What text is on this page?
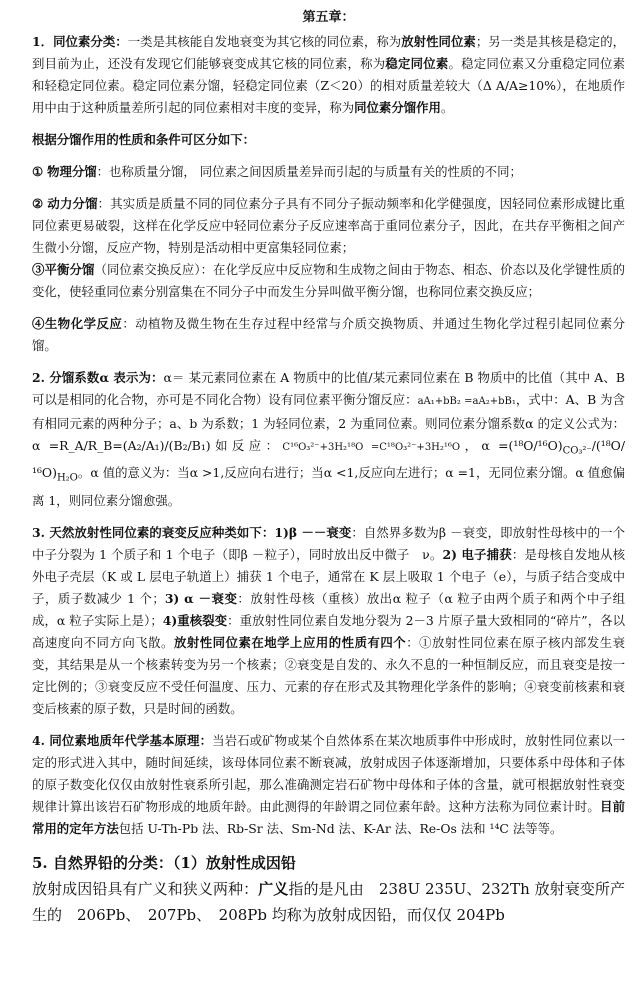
第五章：

1．同位素分类：一类是其核能自发地衰变为其它核的同位素，称为放射性同位素；另一类是其核是稳定的，到目前为止，还没有发现它们能够衰变成其它核的同位素，称为稳定同位素。稳定同位素又分重稳定同位素和轻稳定同位素。稳定同位素分馏，轻稳定同位素（Z＜20）的相对质量差较大（Δ A/A≥10%），在地质作用中由于这种质量差所引起的同位素相对丰度的变异，称为同位素分馏作用。

根据分馏作用的性质和条件可区分如下：

① 物理分馏：也称质量分馏， 同位素之间因质量差异而引起的与质量有关的性质的不同；

② 动力分馏：其实质是质量不同的同位素分子具有不同分子振动频率和化学健强度，因轻同位素形成键比重同位素更易破裂，这样在化学反应中轻同位素分子反应速率高于重同位素分子，因此，在共存平衡相之间产生微小分馏，反应产物，特别是活动相中更富集轻同位素；

③平衡分馏（同位素交换反应）：在化学反应中反应物和生成物之间由于物态、相态、价态以及化学键性质的变化，使轻重同位素分别富集在不同分子中而发生分异叫做平衡分馏，也称同位素交换反应；

④生物化学反应：动植物及微生物在生存过程中经常与介质交换物质、并通过生物化学过程引起同位素分馏。

2. 分馏系数α 表示为：α＝ 某元素同位素在 A 物质中的比值/某元素同位素在 B 物质中的比值（其中 A、B 可以是相同的化合物，亦可是不同化合物）设有同位素平衡分馏反应：aA₁+bB₂ =aA₂+bB₁，式中：A、B 为含有相同元素的两种分子；a、b 为系数；1 为轻同位素，2 为重同位素。则同位素分馏系数α 的定义公式为：α =R_A/R_B=(A₂/A₁)/(B₂/B₁)如反应：C¹⁶O₃²⁻+3H₂¹⁸O =C¹⁸O₃²⁻+3H₂¹⁶O，$\alpha =(^{18}O/^{16}O)_{CO_3^{2-}}/(^{18}O/^{16}O)_{H_2O}$。α 值的意义为：当α >1,反应向右进行；当α <1,反应向左进行；α =1，无同位素分馏。α 值愈偏离 1，则同位素分馏愈强。

3. 天然放射性同位素的衰变反应种类如下：1)β －－衰变：自然界多数为β －衰变，即放射性母核中的一个中子分裂为 1 个质子和 1 个电子（即β －粒子），同时放出反中微子　ν。2) 电子捕获：是母核自发地从核外电子壳层（K 或 L 层电子轨道上）捕获 1 个电子，通常在 K 层上吸取 1 个电子（e），与质子结合变成中子，质子数减少 1 个；3) α －衰变：放射性母核（重核）放出α 粒子（α 粒子由两个质子和两个中子组成，α 粒子实际上是）；4)重核裂变：重放射性同位素自发地分裂为 2－3 片原子量大致相同的“碎片”，各以高速度向不同方向飞散。放射性同位素在地学上应用的性质有四个：①放射性同位素在原子核内部发生衰变，其结果是从一个核素转变为另一个核素；②衰变是自发的、永久不息的一种恒制反应，而且衰变是按一定比例的；③衰变反应不受任何温度、压力、元素的存在形式及其物理化学条件的影响；④衰变前核素和衰变后核素的原子数，只是时间的函数。

4. 同位素地质年代学基本原理：当岩石或矿物或某个自然体系在某次地质事件中形成时，放射性同位素以一定的形式进入其中，随时间延续，该母体同位素不断衰减，放射成因子体逐渐增加，只要体系中母体和子体的原子数变化仅仅由放射性衰系所引起，那么准确测定岩石矿物中母体和子体的含量，就可根据放射性衰变规律计算出该岩石矿物形成的地质年龄。由此测得的年龄谓之同位素年龄。这种方法称为同位素计时。目前常用的定年方法包括 U-Th-Pb 法、Rb-Sr 法、Sm-Nd 法、K-Ar 法、Re-Os 法和 ¹⁴C 法等等。

5. 自然界铅的分类：（1）放射性成因铅

放射成因铅具有广义和狭义两种：广义指的是凡由　238U 235U、232Th 放射衰变所产生的　206Pb、　207Pb、　208Pb 均称为放射成因铅，而仅仅 204Pb
